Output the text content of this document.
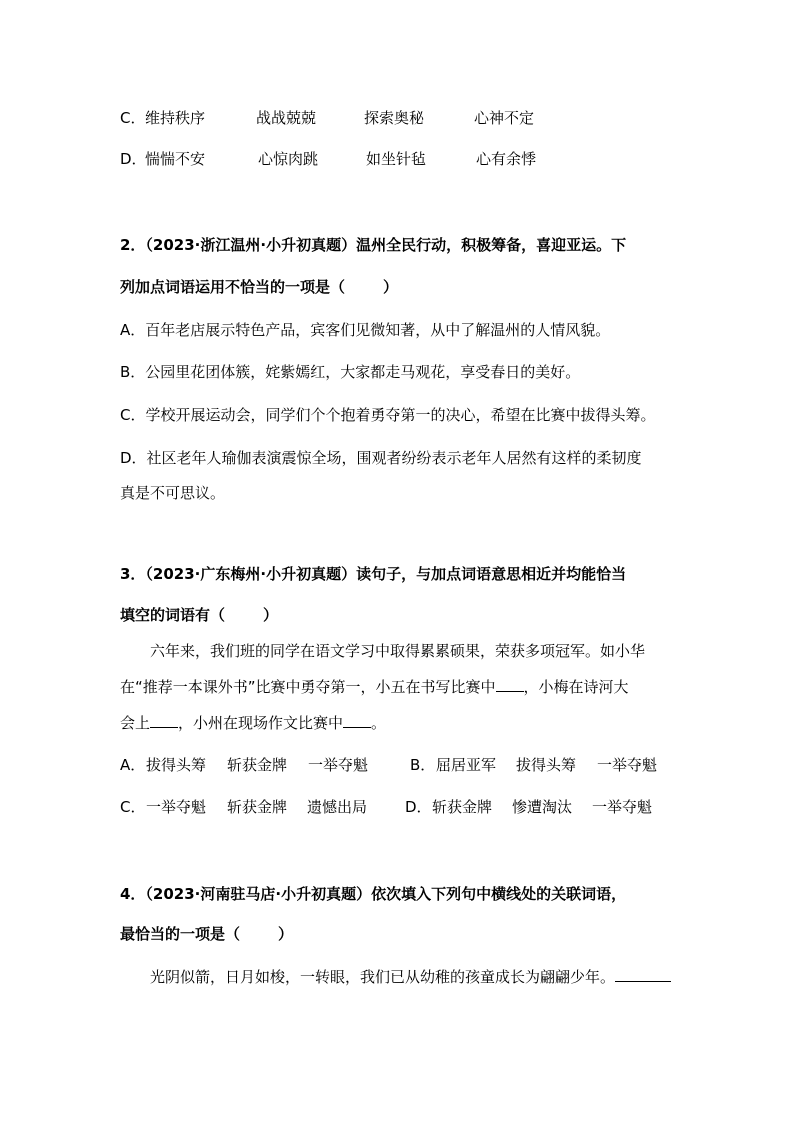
C． 维持秩序	战战兢兢	探索奥秘	心神不定
D．
惴惴不安	心惊肉跳	如坐针毡	心有余悸
2．（2023·浙江温州·小升初真题）温州全民行动，积极筹备，喜迎亚运。下
列加点词语运用不恰当的一项是（	）
A．百年老店展示特色产品，宾客们见微知著，从中了解温州的人情风貌。
B．公园里花团体簇，姹紫嫣红，大家都走马观花，享受春日的美好。
C．学校开展运动会，同学们个个抱着勇夺第一的决心，希望在比赛中拔得头筹。
D．社区老年人瑜伽表演震惊全场，围观者纷纷表示老年人居然有这样的柔韧度
真是不可思议。
3．（2023·广东梅州·小升初真题）读句子，与加点词语意思相近并均能恰当
填空的词语有（	）
六年来，我们班的同学在语文学习中取得累累硕果，荣获多项冠军。如小华
在“推荐一本课外书”比赛中勇夺第一，小五在书写比赛中 ，小梅在诗河大
会上 ，小州在现场作文比赛中 。
A． 拔得头筹 斩获金牌 一举夺魁	B． 屈居亚军 拔得头筹 一举夺魁
C． 一举夺魁 斩获金牌 遗憾出局	D． 斩获金牌 惨遭淘汰 一举夺魁
4．（2023·河南驻马店·小升初真题）依次填入下列句中横线处的关联词语，
最恰当的一项是（	）
光阴似箭，日月如梭，一转眼，我们已从幼稚的孩童成长为翩翩少年。
